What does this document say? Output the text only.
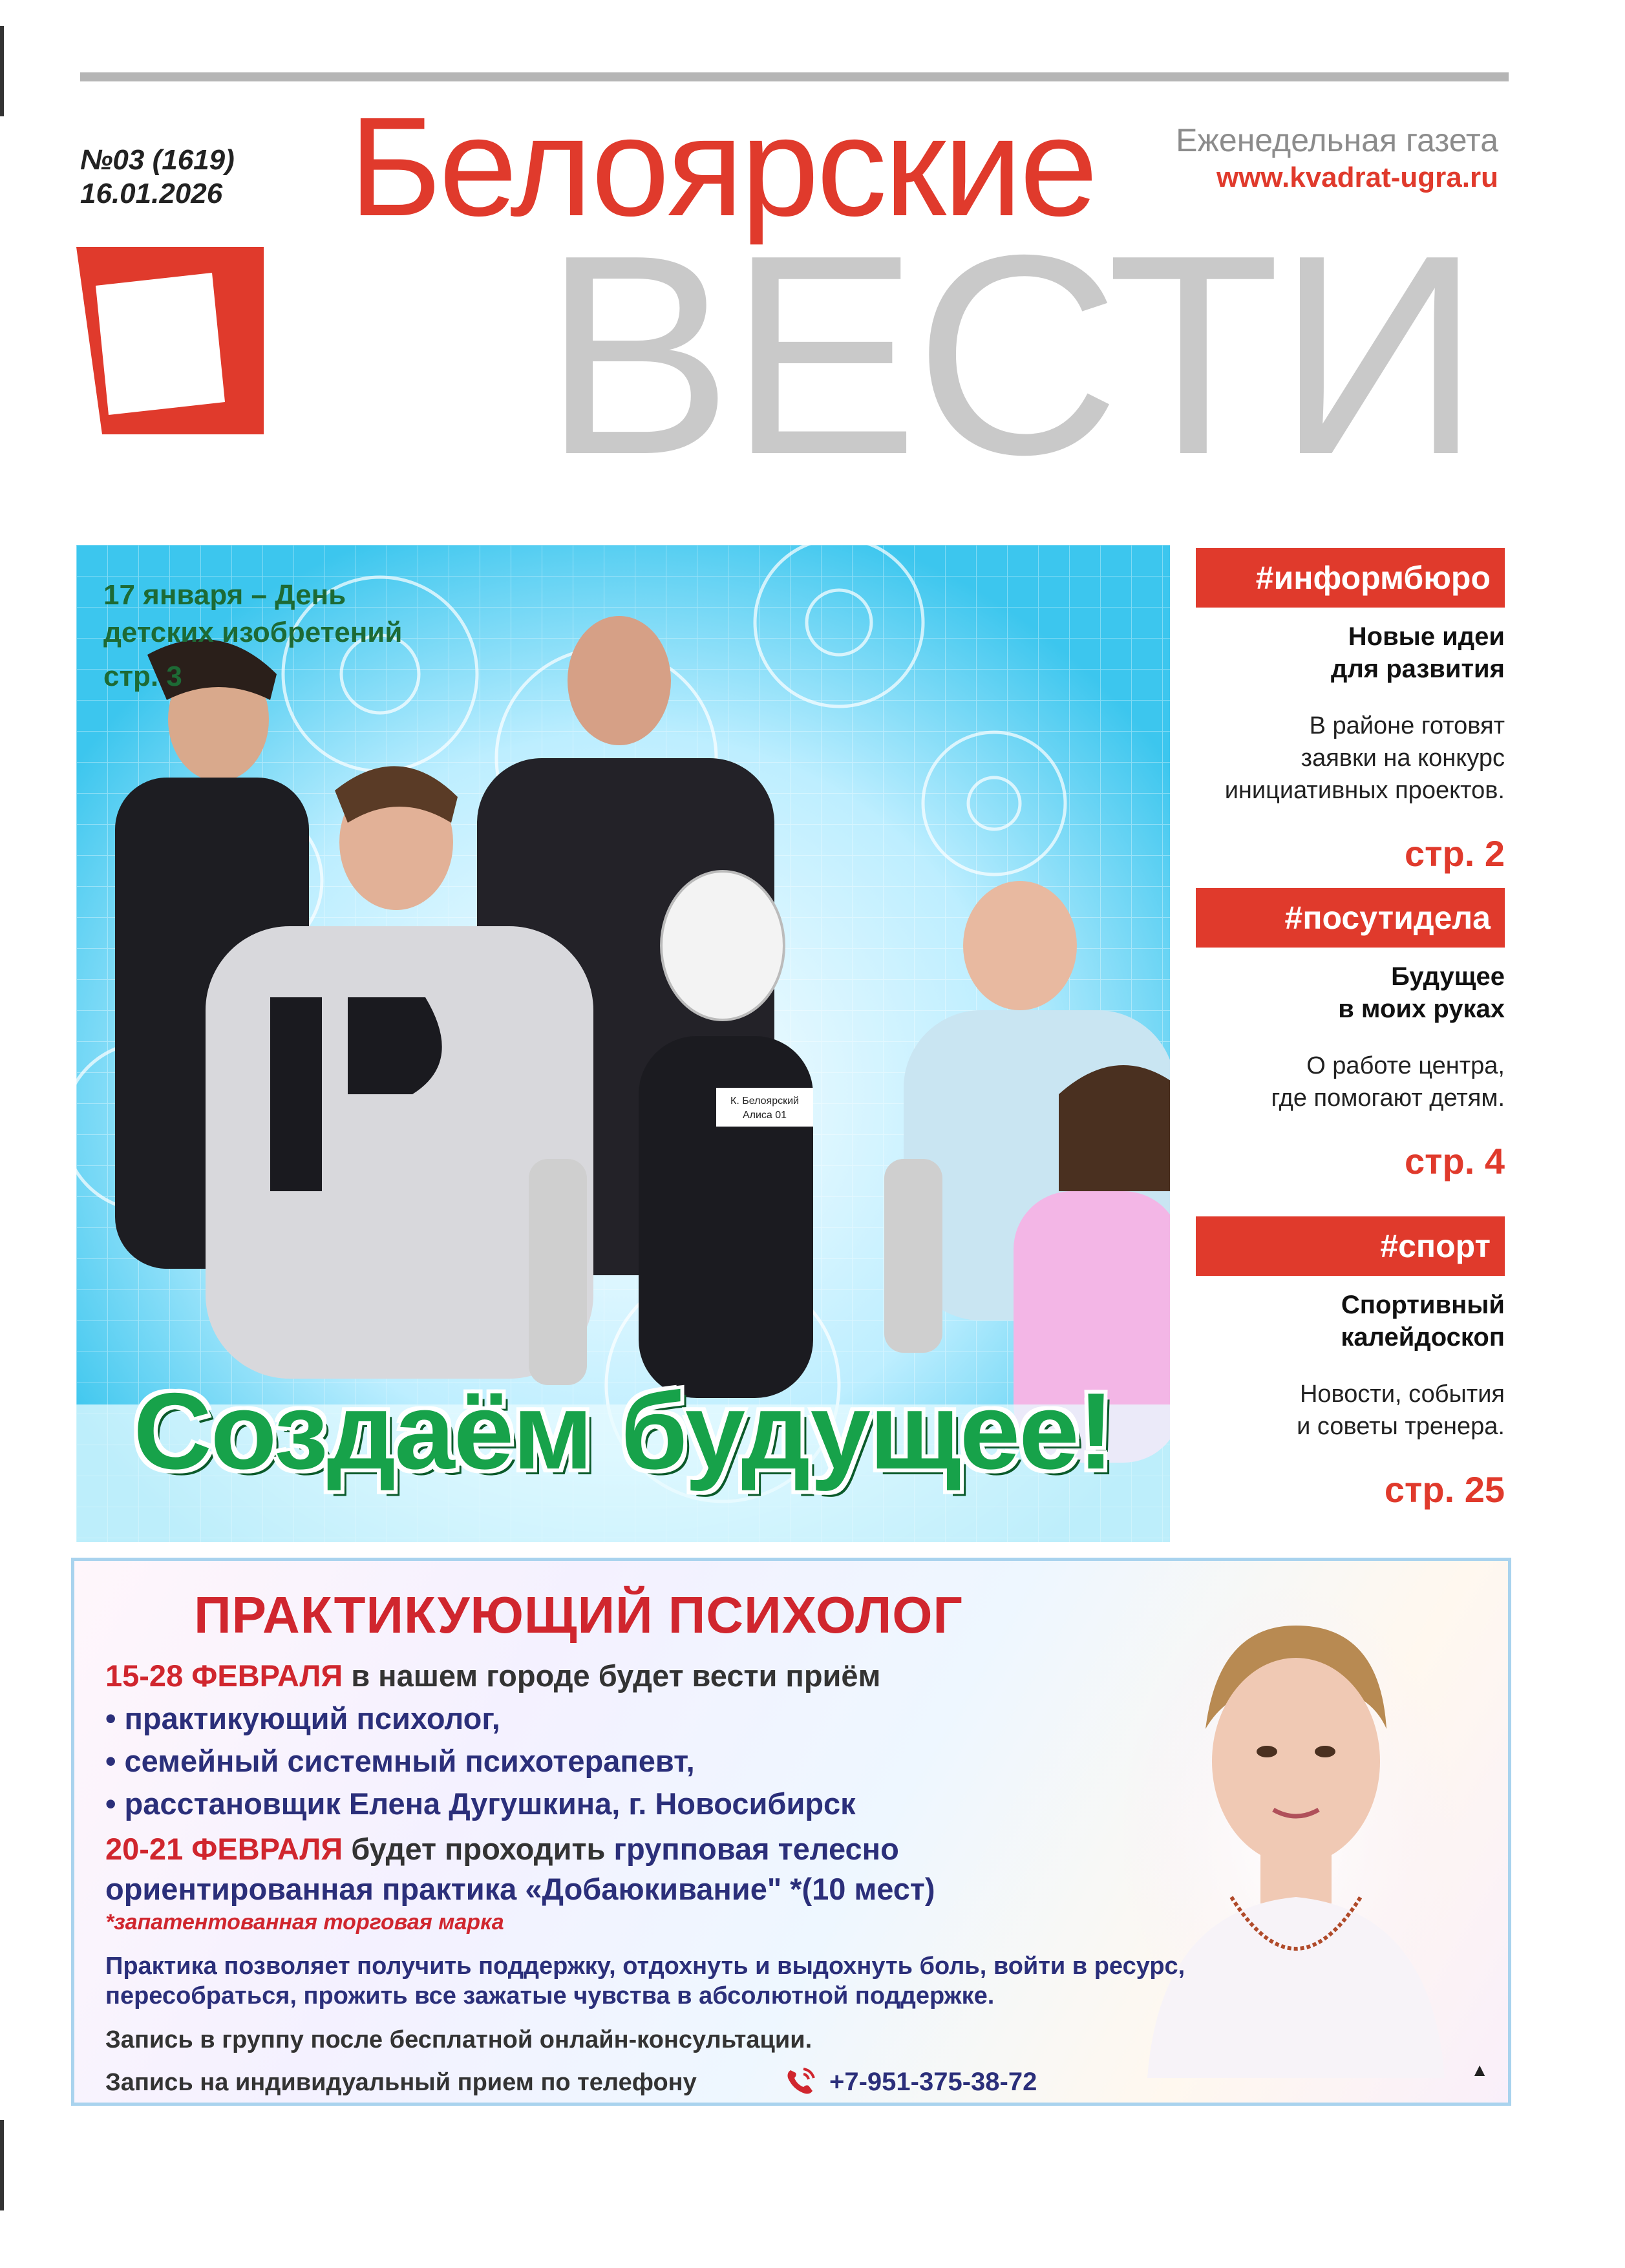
№03 (1619)
16.01.2026 Белоярские
ВЕСТИ
Еженедельная газета
www.kvadrat-ugra.ru
К. Белоярский
Алиса 01
17 января – День
детских изобретений
стр. 3
Создаём будущее!
#информбюро
Новые идеи
для развития
В районе готовят
заявки на конкурс
инициативных проектов.
стр. 2
#посутидела
Будущее
в моих руках
О работе центра,
где помогают детям.
стр. 4
#спорт
Спортивный
калейдоскоп
Новости, события
и советы тренера.
стр. 25
ПРАКТИКУЮЩИЙ ПСИХОЛОГ
15-28 ФЕВРАЛЯ в нашем городе будет вести приём
• практикующий психолог,
• семейный системный психотерапевт,
• расстановщик Елена Дугушкина, г. Новосибирск
20-21 ФЕВРАЛЯ будет проходить групповая телесно
ориентированная практика «Добаюкивание" *(10 мест)
*запатентованная торговая марка
Практика позволяет получить поддержку, отдохнуть и выдохнуть боль, войти в ресурс,
пересобраться, прожить все зажатые чувства в абсолютной поддержке.
Запись в группу после бесплатной онлайн-консультации.
Запись на индивидуальный прием по телефону	+7-951-375-38-72	▲
